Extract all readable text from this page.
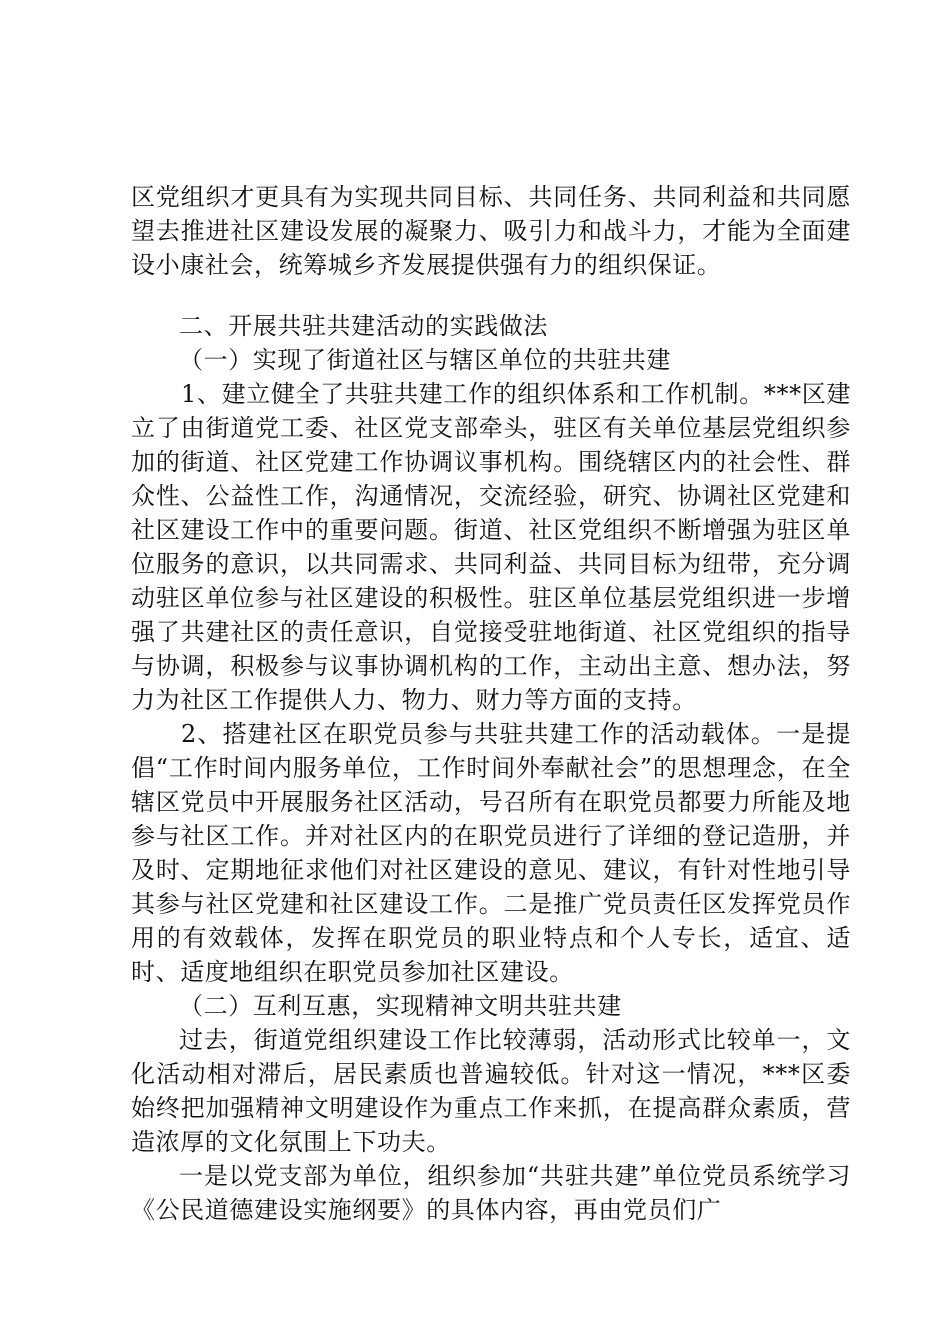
区党组织才更具有为实现共同目标、共同任务、共同利益和共同愿望去推进社区建设发展的凝聚力、吸引力和战斗力，才能为全面建设小康社会，统筹城乡齐发展提供强有力的组织保证。

二、开展共驻共建活动的实践做法

（一）实现了街道社区与辖区单位的共驻共建

1、建立健全了共驻共建工作的组织体系和工作机制。***区建立了由街道党工委、社区党支部牵头，驻区有关单位基层党组织参加的街道、社区党建工作协调议事机构。围绕辖区内的社会性、群众性、公益性工作，沟通情况，交流经验，研究、协调社区党建和社区建设工作中的重要问题。街道、社区党组织不断增强为驻区单位服务的意识，以共同需求、共同利益、共同目标为纽带，充分调动驻区单位参与社区建设的积极性。驻区单位基层党组织进一步增强了共建社区的责任意识，自觉接受驻地街道、社区党组织的指导与协调，积极参与议事协调机构的工作，主动出主意、想办法，努力为社区工作提供人力、物力、财力等方面的支持。

2、搭建社区在职党员参与共驻共建工作的活动载体。一是提倡“工作时间内服务单位，工作时间外奉献社会”的思想理念，在全辖区党员中开展服务社区活动，号召所有在职党员都要力所能及地参与社区工作。并对社区内的在职党员进行了详细的登记造册，并及时、定期地征求他们对社区建设的意见、建议，有针对性地引导其参与社区党建和社区建设工作。二是推广党员责任区发挥党员作用的有效载体，发挥在职党员的职业特点和个人专长，适宜、适时、适度地组织在职党员参加社区建设。

（二）互利互惠，实现精神文明共驻共建

过去，街道党组织建设工作比较薄弱，活动形式比较单一，文化活动相对滞后，居民素质也普遍较低。针对这一情况，***区委始终把加强精神文明建设作为重点工作来抓，在提高群众素质，营造浓厚的文化氛围上下功夫。

一是以党支部为单位，组织参加“共驻共建”单位党员系统学习《公民道德建设实施纲要》的具体内容，再由党员们广
